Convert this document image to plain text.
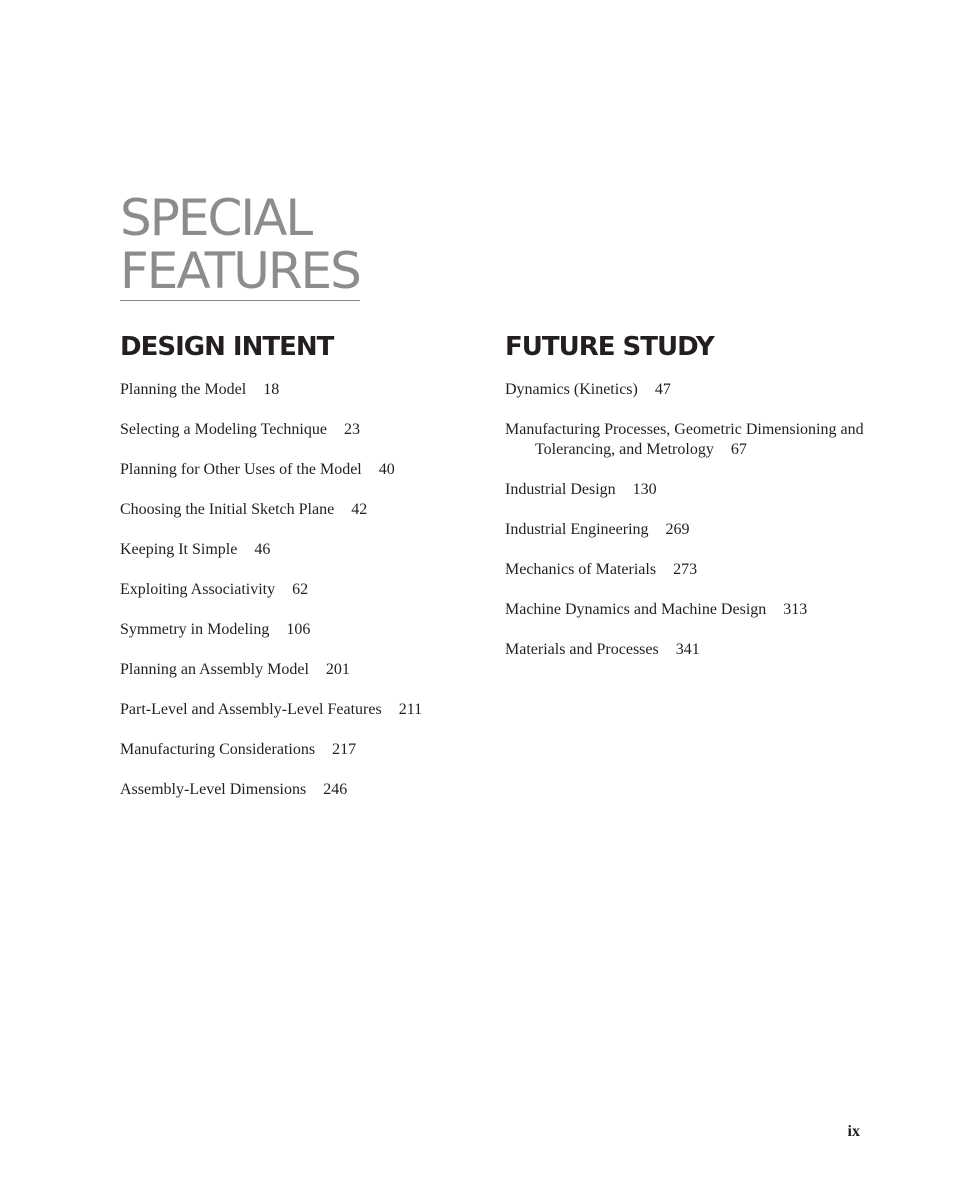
SPECIAL
FEATURES
DESIGN INTENT
Planning the Model 18
Selecting a Modeling Technique 23
Planning for Other Uses of the Model 40
Choosing the Initial Sketch Plane 42
Keeping It Simple 46
Exploiting Associativity 62
Symmetry in Modeling 106
Planning an Assembly Model 201
Part-Level and Assembly-Level Features 211
Manufacturing Considerations 217
Assembly-Level Dimensions 246
FUTURE STUDY
Dynamics (Kinetics) 47
Manufacturing Processes, Geometric Dimensioning and Tolerancing, and Metrology 67
Industrial Design 130
Industrial Engineering 269
Mechanics of Materials 273
Machine Dynamics and Machine Design 313
Materials and Processes 341
ix
